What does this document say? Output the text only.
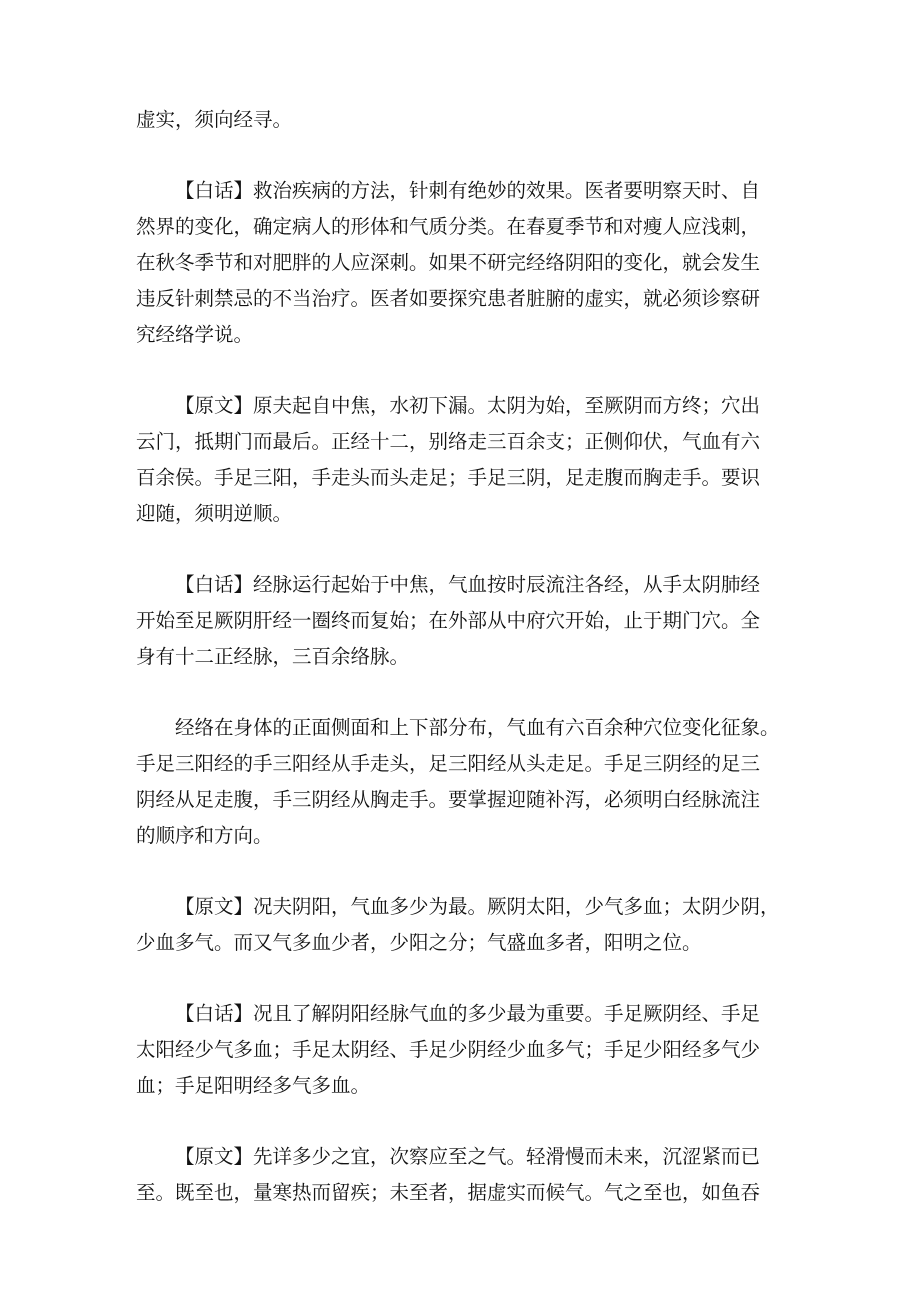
虚实，须向经寻。
【白话】救治疾病的方法，针刺有绝妙的效果。医者要明察天时、自
然界的变化，确定病人的形体和气质分类。在春夏季节和对瘦人应浅刺，
在秋冬季节和对肥胖的人应深刺。如果不研完经络阴阳的变化，就会发生
违反针刺禁忌的不当治疗。医者如要探究患者脏腑的虚实，就必须诊察研
究经络学说。
【原文】原夫起自中焦，水初下漏。太阴为始，至厥阴而方终；穴出
云门，抵期门而最后。正经十二，别络走三百余支；正侧仰伏，气血有六
百余侯。手足三阳，手走头而头走足；手足三阴，足走腹而胸走手。要识
迎随，须明逆顺。
【白话】经脉运行起始于中焦，气血按时辰流注各经，从手太阴肺经
开始至足厥阴肝经一圈终而复始；在外部从中府穴开始，止于期门穴。全
身有十二正经脉，三百余络脉。
经络在身体的正面侧面和上下部分布，气血有六百余种穴位变化征象。
手足三阳经的手三阳经从手走头，足三阳经从头走足。手足三阴经的足三
阴经从足走腹，手三阴经从胸走手。要掌握迎随补泻，必须明白经脉流注
的顺序和方向。
【原文】况夫阴阳，气血多少为最。厥阴太阳，少气多血；太阴少阴，
少血多气。而又气多血少者，少阳之分；气盛血多者，阳明之位。
【白话】况且了解阴阳经脉气血的多少最为重要。手足厥阴经、手足
太阳经少气多血；手足太阴经、手足少阴经少血多气；手足少阳经多气少
血；手足阳明经多气多血。
【原文】先详多少之宜，次察应至之气。轻滑慢而未来，沉涩紧而已
至。既至也，量寒热而留疾；未至者，据虚实而候气。气之至也，如鱼吞
